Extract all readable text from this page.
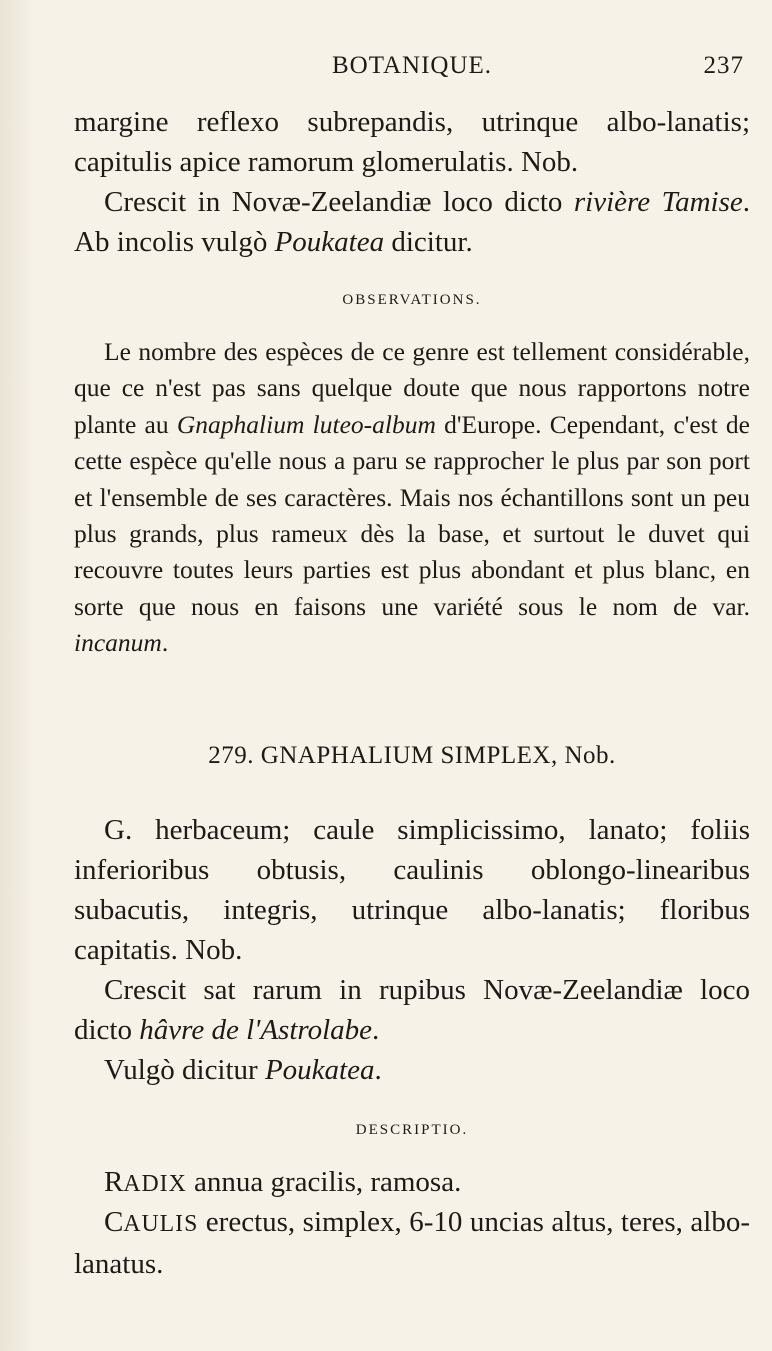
BOTANIQUE.	237

margine reflexo subrepandis, utrinque albo-lanatis; capitulis apice ramorum glomerulatis. Nob.

Crescit in Novæ-Zeelandiæ loco dicto rivière Tamise. Ab incolis vulgò Poukatea dicitur.

OBSERVATIONS.

Le nombre des espèces de ce genre est tellement considérable, que ce n'est pas sans quelque doute que nous rapportons notre plante au Gnaphalium luteo-album d'Europe. Cependant, c'est de cette espèce qu'elle nous a paru se rapprocher le plus par son port et l'ensemble de ses caractères. Mais nos échantillons sont un peu plus grands, plus rameux dès la base, et surtout le duvet qui recouvre toutes leurs parties est plus abondant et plus blanc, en sorte que nous en faisons une variété sous le nom de var. incanum.

279. GNAPHALIUM SIMPLEX, Nob.

G. herbaceum; caule simplicissimo, lanato; foliis inferioribus obtusis, caulinis oblongo-linearibus subacutis, integris, utrinque albo-lanatis; floribus capitatis. Nob.

Crescit sat rarum in rupibus Novæ-Zeelandiæ loco dicto hâvre de l'Astrolabe.

Vulgò dicitur Poukatea.

DESCRIPTIO.

RADIX annua gracilis, ramosa.

CAULIS erectus, simplex, 6-10 uncias altus, teres, albo-lanatus.
